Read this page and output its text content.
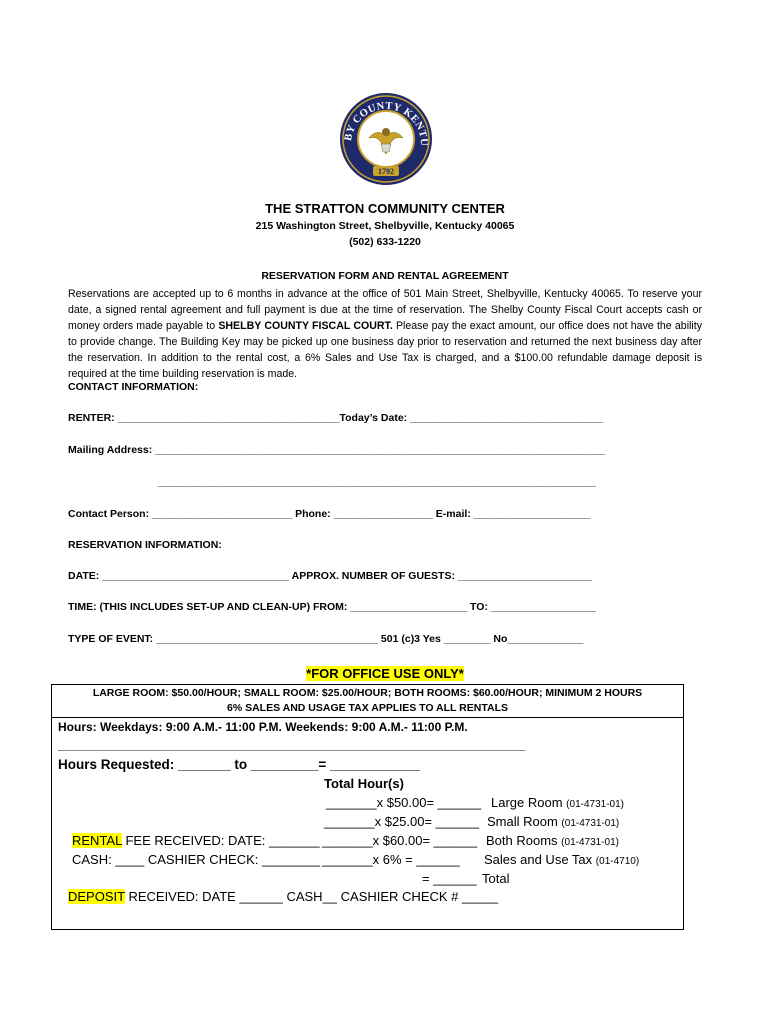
BY COUNTY KENTU
1792
THE STRATTON COMMUNITY CENTER
215 Washington Street, Shelbyville, Kentucky 40065
(502) 633-1220
RESERVATION FORM AND RENTAL AGREEMENT
Reservations are accepted up to 6 months in advance at the office of 501 Main Street, Shelbyville, Kentucky 40065. To reserve your date, a signed rental agreement and full payment is due at the time of reservation. The Shelby County Fiscal Court accepts cash or money orders made payable to SHELBY COUNTY FISCAL COURT. Please pay the exact amount, our office does not have the ability to provide change. The Building Key may be picked up one business day prior to reservation and returned the next business day after the reservation. In addition to the rental cost, a 6% Sales and Use Tax is charged, and a $100.00 refundable damage deposit is required at the time building reservation is made.
CONTACT INFORMATION:
RENTER: ______________________________________Today’s Date: _________________________________
Mailing Address: _____________________________________________________________________________
___________________________________________________________________________
Contact Person: ________________________ Phone: _________________ E-mail: ____________________
RESERVATION INFORMATION:
DATE: ________________________________ APPROX. NUMBER OF GUESTS: _______________________
TIME: (THIS INCLUDES SET-UP AND CLEAN-UP) FROM: ____________________ TO: __________________
TYPE OF EVENT: ______________________________________ 501 (c)3 Yes ________ No_____________
*FOR OFFICE USE ONLY*
LARGE ROOM: $50.00/HOUR; SMALL ROOM: $25.00/HOUR; BOTH ROOMS: $60.00/HOUR; MINIMUM 2 HOURS
6% SALES AND USAGE TAX APPLIES TO ALL RENTALS
Hours: Weekdays: 9:00 A.M.- 11:00 P.M. Weekends: 9:00 A.M.- 11:00 P.M.
______________________________________________________________________
Hours Requested: _______ to _________= ____________
Total Hour(s)
_______x $50.00= ______ Large Room (01-4731-01)
_______x $25.00= ______ Small Room (01-4731-01)
RENTAL FEE RECEIVED: DATE: _______ _______x $60.00= ______ Both Rooms (01-4731-01)
CASH: ____ CASHIER CHECK: ________ _______x 6% = ______ Sales and Use Tax (01-4710)
= ______ Total
DEPOSIT RECEIVED: DATE ______ CASH__ CASHIER CHECK # _____
